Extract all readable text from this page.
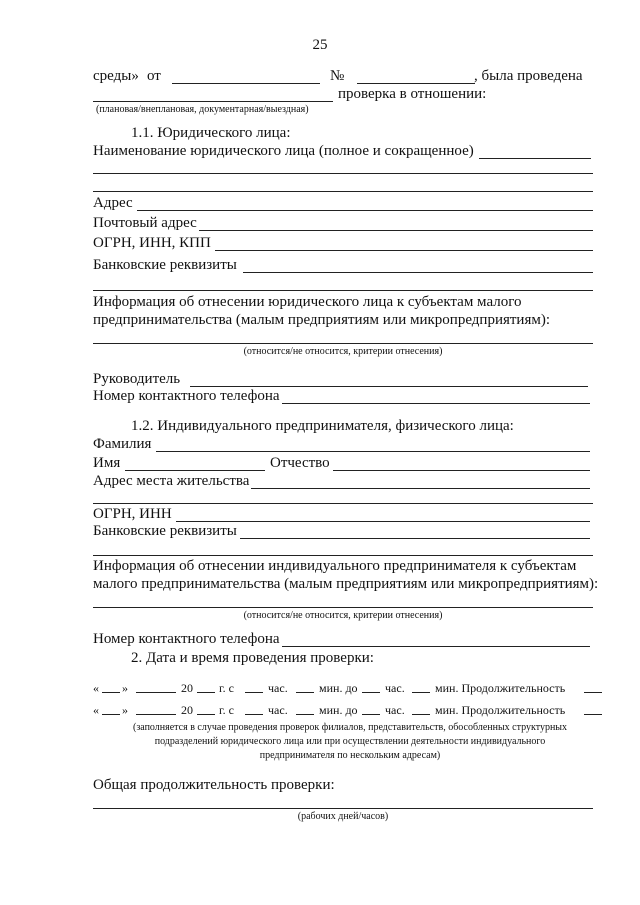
25
среды» от	№	, была проведена
проверка в отношении:
(плановая/внеплановая, документарная/выездная)
1.1. Юридического лица:
Наименование юридического лица (полное и сокращенное)
Адрес
Почтовый адрес
ОГРН, ИНН, КПП
Банковские реквизиты
Информация об отнесении юридического лица к субъектам малого
предпринимательства (малым предприятиям или микропредприятиям):
(относится/не относится, критерии отнесения)
Руководитель
Номер контактного телефона
1.2. Индивидуального предпринимателя, физического лица:
Фамилия
Имя	Отчество
Адрес места жительства
ОГРН, ИНН
Банковские реквизиты
Информация об отнесении индивидуального предпринимателя к субъектам
малого предпринимательства (малым предприятиям или микропредприятиям):
(относится/не относится, критерии отнесения)
Номер контактного телефона
2. Дата и время проведения проверки:
« »	20 г. с	час.	мин. до час.	мин. Продолжительность
« »	20 г. с	час.	мин. до час.	мин. Продолжительность
(заполняется в случае проведения проверок филиалов, представительств, обособленных структурных
подразделений юридического лица или при осуществлении деятельности индивидуального
предпринимателя по нескольким адресам)
Общая продолжительность проверки:
(рабочих дней/часов)
